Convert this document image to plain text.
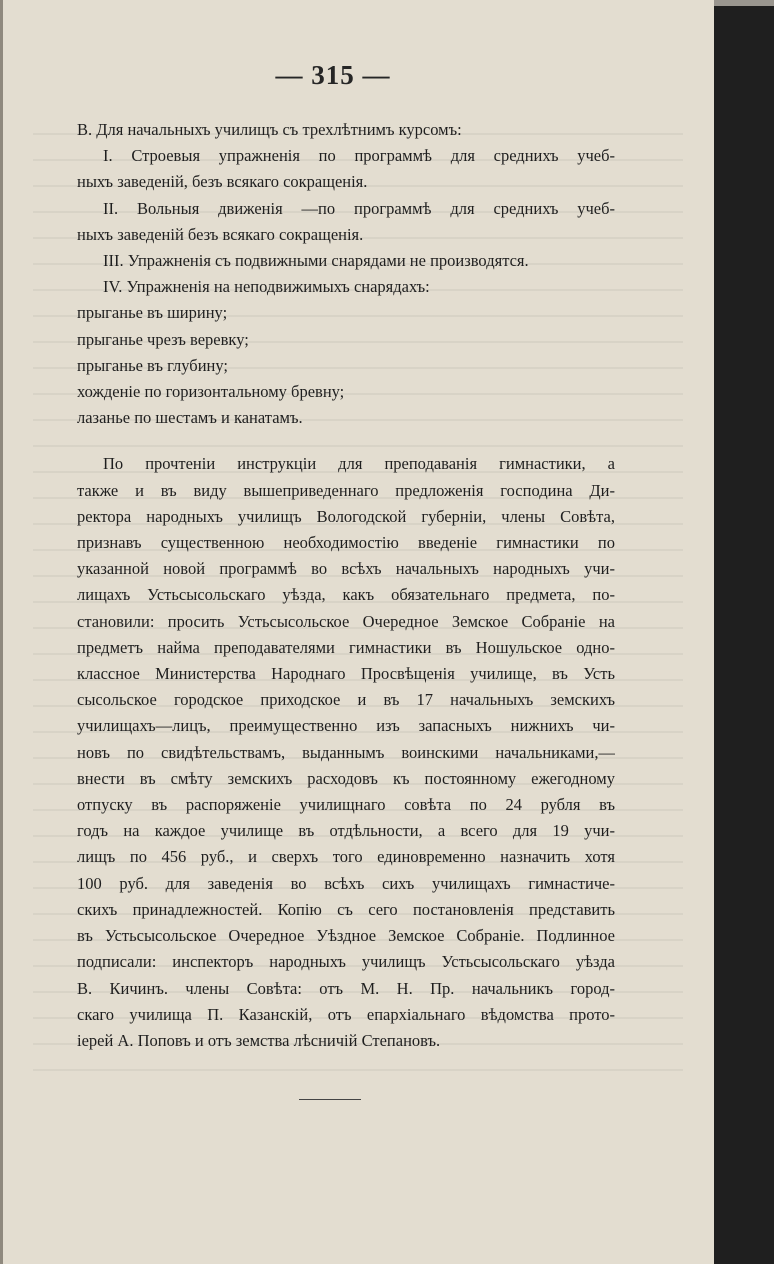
— 315 —
В. Для начальныхъ училищъ съ трехлѣтнимъ курсомъ:
I. Строевыя упражненія по программѣ для среднихъ учеб-
ныхъ заведеній, безъ всякаго сокращенія.
II. Вольныя движенія —по программѣ для среднихъ учеб-
ныхъ заведеній безъ всякаго сокращенія.
III. Упражненія съ подвижными снарядами не производятся.
IV. Упражненія на неподвижимыхъ снарядахъ:
прыганье въ ширину;
прыганье чрезъ веревку;
прыганье въ глубину;
хожденіе по горизонтальному бревну;
лазанье по шестамъ и канатамъ.
По прочтеніи инструкціи для преподаванія гимнастики, а
также и въ виду вышеприведеннаго предложенія господина Ди-
ректора народныхъ училищъ Вологодской губерніи, члены Совѣта,
признавъ существенною необходимостію введеніе гимнастики по
указанной новой программѣ во всѣхъ начальныхъ народныхъ учи-
лищахъ Устьсысольскаго уѣзда, какъ обязательнаго предмета, по-
становили: просить Устьсысольское Очередное Земское Собраніе на
предметъ найма преподавателями гимнастики въ Ношульское одно-
классное Министерства Народнаго Просвѣщенія училище, въ Усть
сысольское городское приходское и въ 17 начальныхъ земскихъ
училищахъ—лицъ, преимущественно изъ запасныхъ нижнихъ чи-
новъ по свидѣтельствамъ, выданнымъ воинскими начальниками,—
внести въ смѣту земскихъ расходовъ къ постоянному ежегодному
отпуску въ распоряженіе училищнаго совѣта по 24 рубля въ
годъ на каждое училище въ отдѣльности, а всего для 19 учи-
лищъ по 456 руб., и сверхъ того единовременно назначить хотя
100 руб. для заведенія во всѣхъ сихъ училищахъ гимнастиче-
скихъ принадлежностей. Копію съ сего постановленія представить
въ Устьсысольское Очередное Уѣздное Земское Собраніе. Подлинное
подписали: инспекторъ народныхъ училищъ Устьсысольскаго уѣзда
В. Кичинъ. члены Совѣта: отъ М. Н. Пр. начальникъ город-
скаго училища П. Казанскій, отъ епархіальнаго вѣдомства прото-
іерей А. Поповъ и отъ земства лѣсничій Степановъ.
